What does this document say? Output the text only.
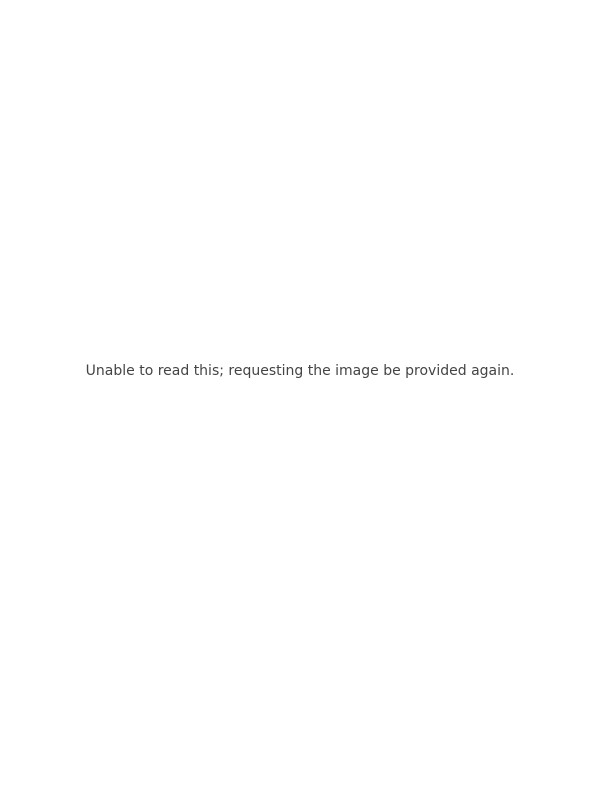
Unable to read this; requesting the image be provided again.
